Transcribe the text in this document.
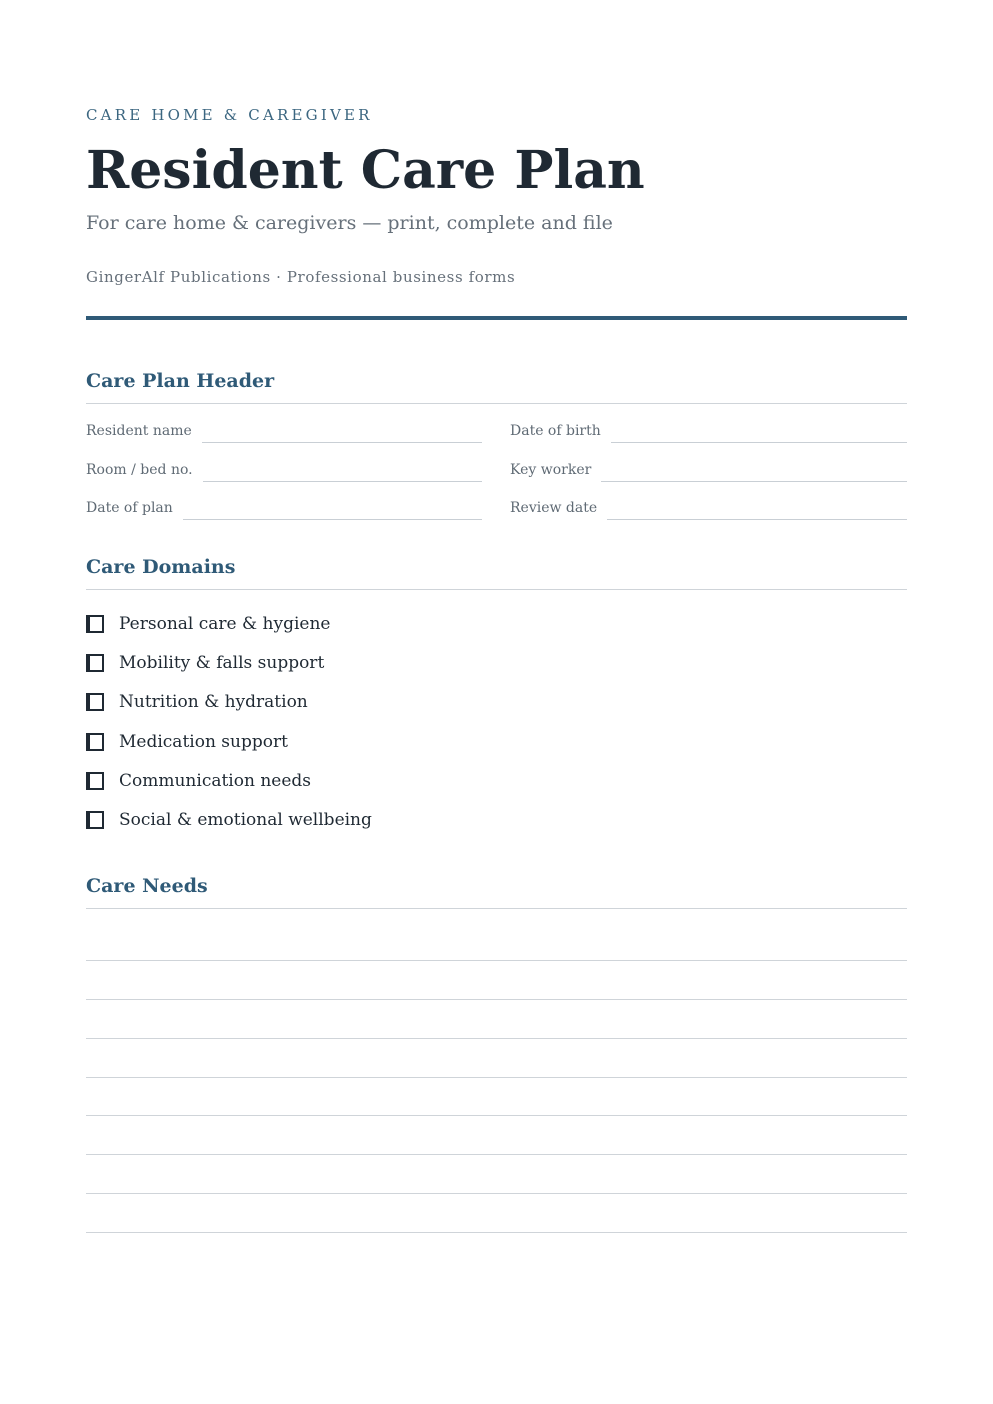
CARE HOME & CAREGIVER
Resident Care Plan
For care home & caregivers — print, complete and file
GingerAlf Publications · Professional business forms
Care Plan Header
Resident name	Date of birth
Room / bed no.	Key worker
Date of plan	Review date
Care Domains
Personal care & hygiene
Mobility & falls support
Nutrition & hydration
Medication support
Communication needs
Social & emotional wellbeing
Care Needs
